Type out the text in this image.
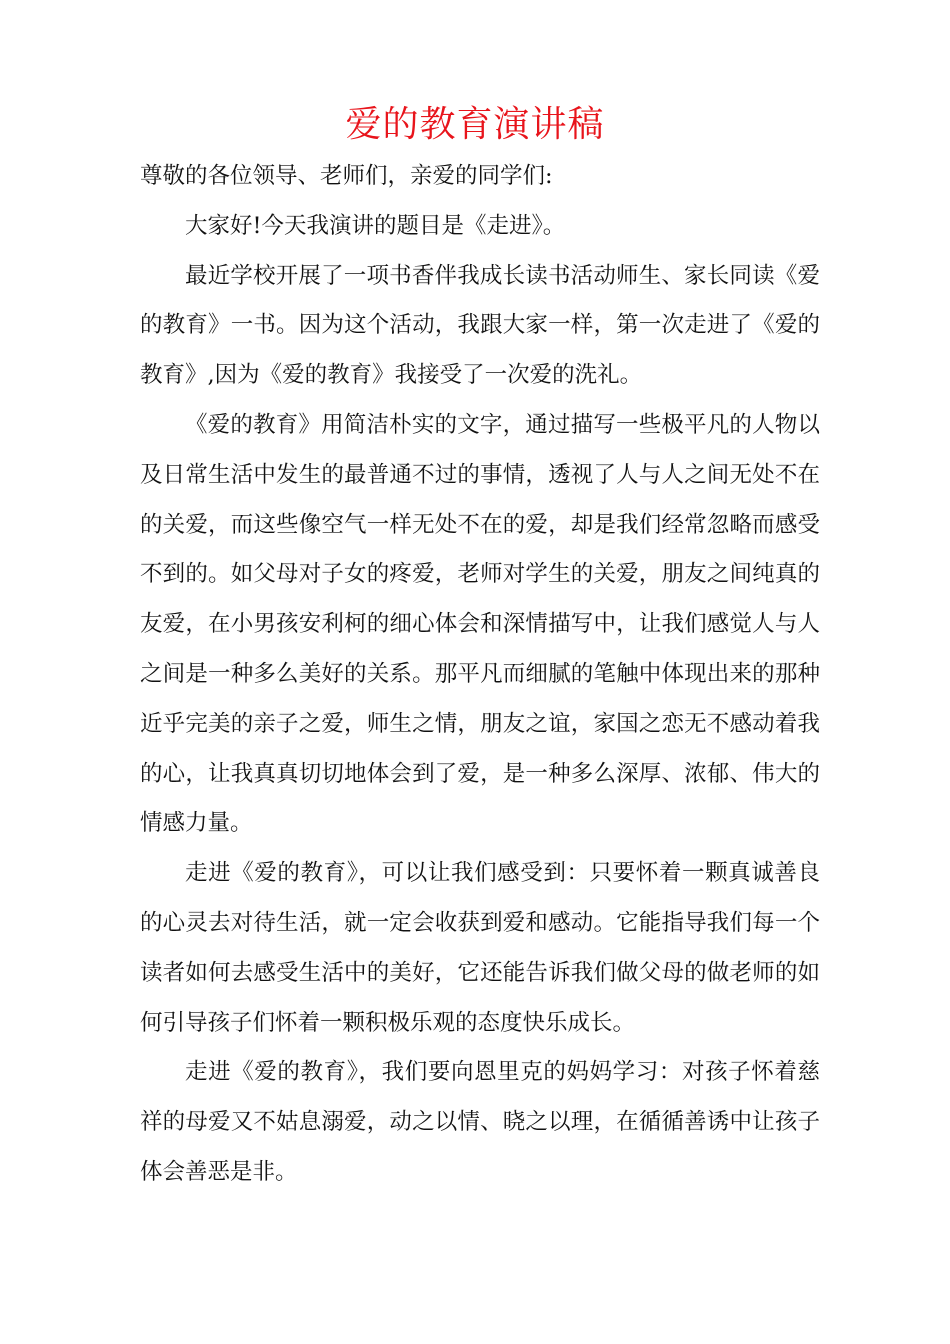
爱的教育演讲稿

尊敬的各位领导、老师们，亲爱的同学们:

大家好!今天我演讲的题目是《走进》。

最近学校开展了一项书香伴我成长读书活动师生、家长同读《爱的教育》一书。因为这个活动，我跟大家一样，第一次走进了《爱的教育》,因为《爱的教育》我接受了一次爱的洗礼。

《爱的教育》用简洁朴实的文字，通过描写一些极平凡的人物以及日常生活中发生的最普通不过的事情，透视了人与人之间无处不在的关爱，而这些像空气一样无处不在的爱，却是我们经常忽略而感受不到的。如父母对子女的疼爱，老师对学生的关爱，朋友之间纯真的友爱，在小男孩安利柯的细心体会和深情描写中，让我们感觉人与人之间是一种多么美好的关系。那平凡而细腻的笔触中体现出来的那种近乎完美的亲子之爱，师生之情，朋友之谊，家国之恋无不感动着我的心，让我真真切切地体会到了爱，是一种多么深厚、浓郁、伟大的情感力量。

走进《爱的教育》，可以让我们感受到：只要怀着一颗真诚善良的心灵去对待生活，就一定会收获到爱和感动。它能指导我们每一个读者如何去感受生活中的美好，它还能告诉我们做父母的做老师的如何引导孩子们怀着一颗积极乐观的态度快乐成长。

走进《爱的教育》，我们要向恩里克的妈妈学习：对孩子怀着慈祥的母爱又不姑息溺爱，动之以情、晓之以理，在循循善诱中让孩子体会善恶是非。
